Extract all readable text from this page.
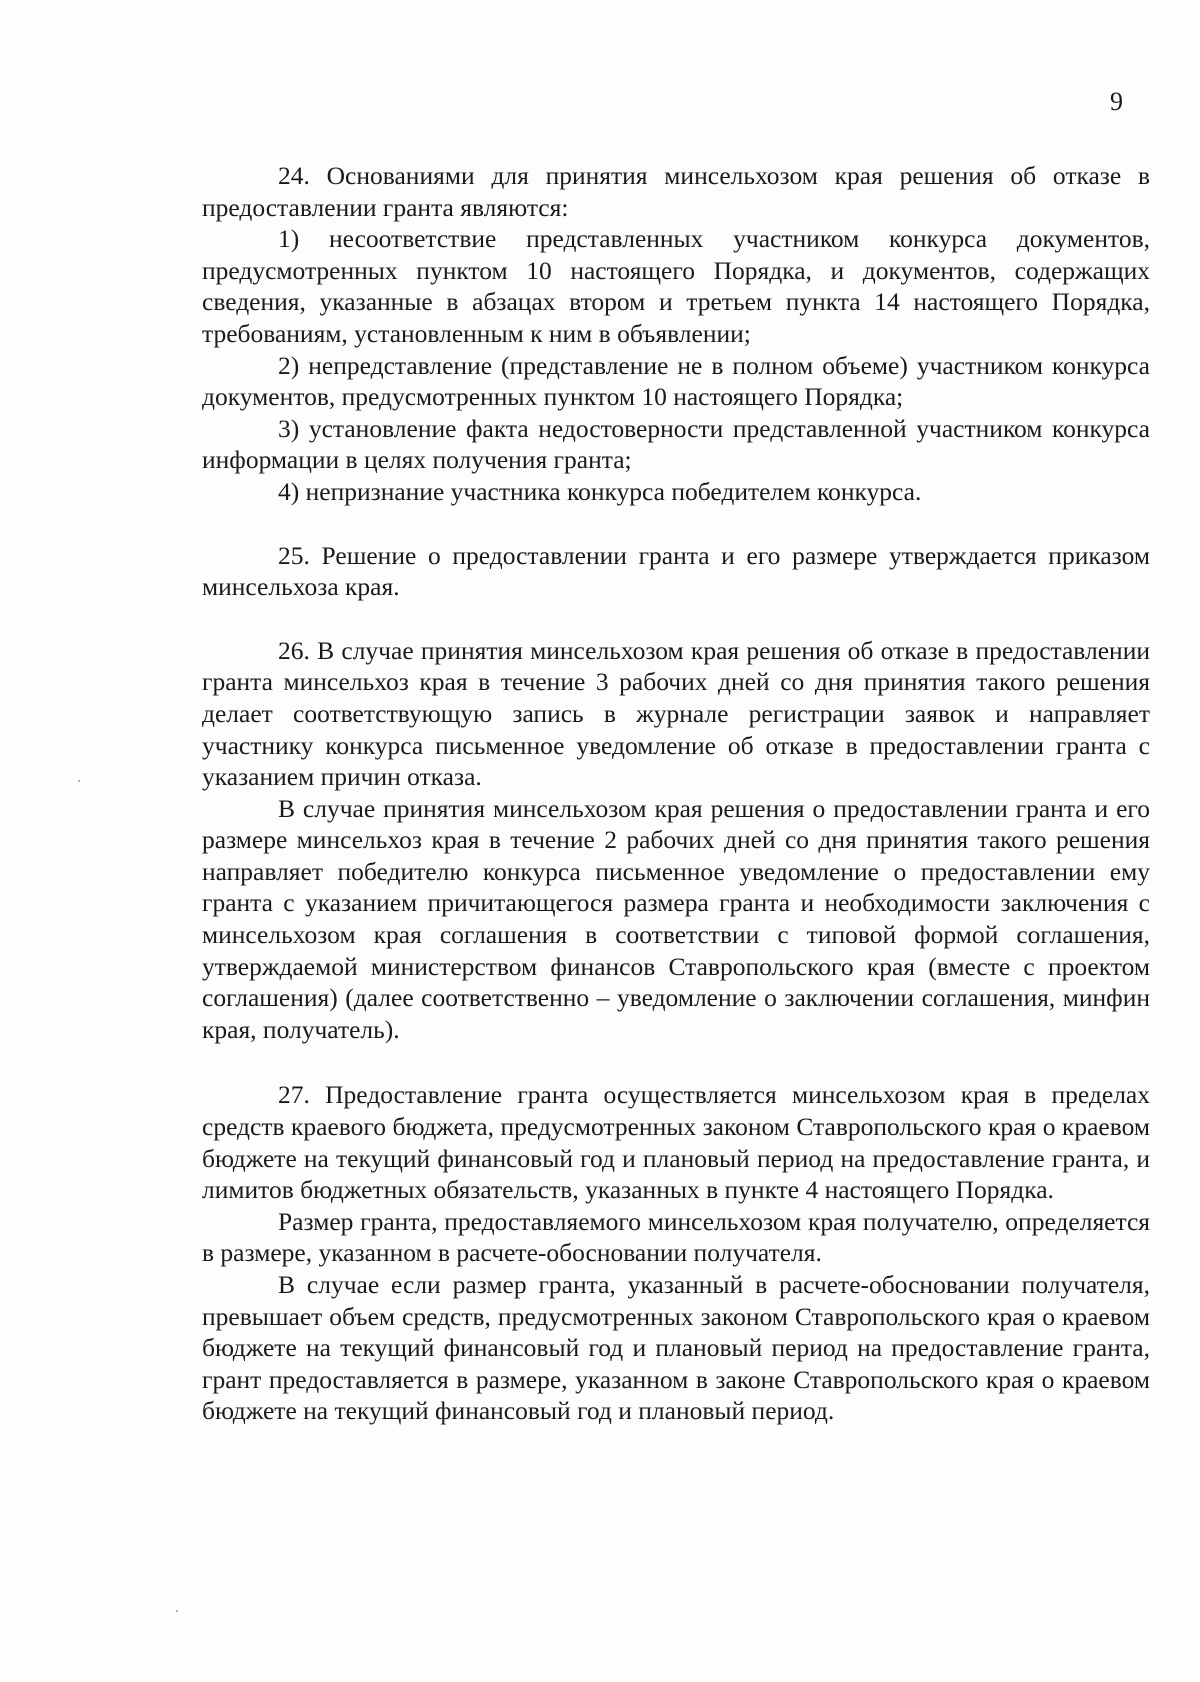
9

24. Основаниями для принятия минсельхозом края решения об отказе в предоставлении гранта являются:

1) несоответствие представленных участником конкурса документов, предусмотренных пунктом 10 настоящего Порядка, и документов, содержащих сведения, указанные в абзацах втором и третьем пункта 14 настоящего Порядка, требованиям, установленным к ним в объявлении;

2) непредставление (представление не в полном объеме) участником конкурса документов, предусмотренных пунктом 10 настоящего Порядка;

3) установление факта недостоверности представленной участником конкурса информации в целях получения гранта;

4) непризнание участника конкурса победителем конкурса.

25. Решение о предоставлении гранта и его размере утверждается приказом минсельхоза края.

26. В случае принятия минсельхозом края решения об отказе в предоставлении гранта минсельхоз края в течение 3 рабочих дней со дня принятия такого решения делает соответствующую запись в журнале регистрации заявок и направляет участнику конкурса письменное уведомление об отказе в предоставлении гранта с указанием причин отказа.

В случае принятия минсельхозом края решения о предоставлении гранта и его размере минсельхоз края в течение 2 рабочих дней со дня принятия такого решения направляет победителю конкурса письменное уведомление о предоставлении ему гранта с указанием причитающегося размера гранта и необходимости заключения с минсельхозом края соглашения в соответствии с типовой формой соглашения, утверждаемой министерством финансов Ставропольского края (вместе с проектом соглашения) (далее соответственно – уведомление о заключении соглашения, минфин края, получатель).

27. Предоставление гранта осуществляется минсельхозом края в пределах средств краевого бюджета, предусмотренных законом Ставропольского края о краевом бюджете на текущий финансовый год и плановый период на предоставление гранта, и лимитов бюджетных обязательств, указанных в пункте 4 настоящего Порядка.

Размер гранта, предоставляемого минсельхозом края получателю, определяется в размере, указанном в расчете-обосновании получателя.

В случае если размер гранта, указанный в расчете-обосновании получателя, превышает объем средств, предусмотренных законом Ставропольского края о краевом бюджете на текущий финансовый год и плановый период на предоставление гранта, грант предоставляется в размере, указанном в законе Ставропольского края о краевом бюджете на текущий финансовый год и плановый период.
